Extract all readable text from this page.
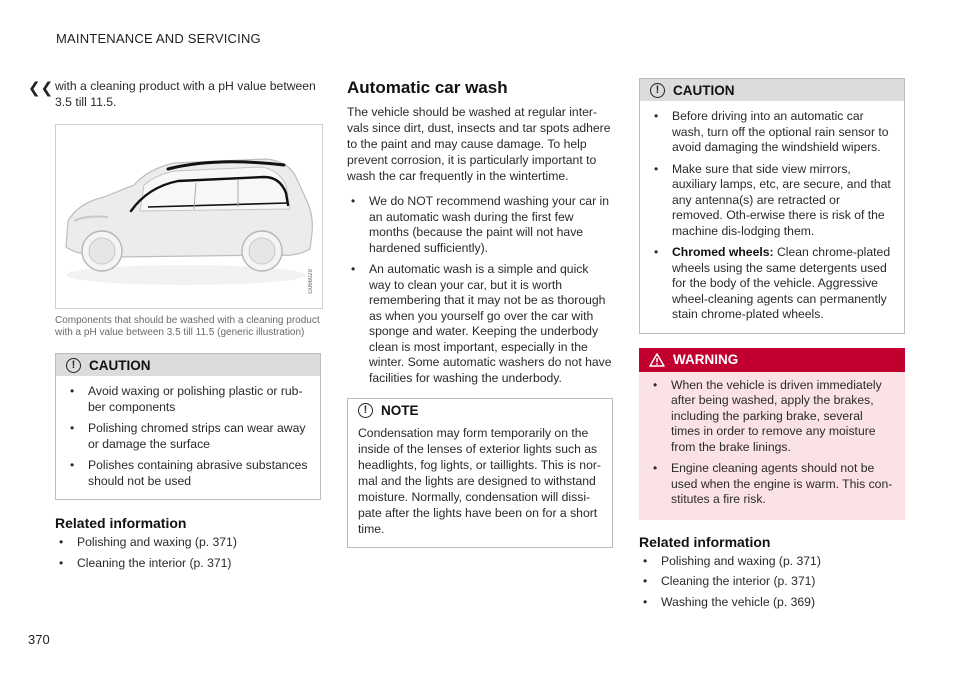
MAINTENANCE AND SERVICING
❮❮
370

with a cleaning product with a pH value between 3.5 till 11.5.

G066029
Components that should be washed with a cleaning product with a pH value between 3.5 till 11.5 (generic illustration)
!	CAUTION
• Avoid waxing or polishing plastic or rub-ber components
• Polishing chromed strips can wear away or damage the surface
• Polishes containing abrasive substances should not be used
Related information
• Polishing and waxing (p. 371)
• Cleaning the interior (p. 371)
Automatic car wash

The vehicle should be washed at regular inter-vals since dirt, dust, insects and tar spots adhere to the paint and may cause damage. To help prevent corrosion, it is particularly important to wash the car frequently in the wintertime.

• We do NOT recommend washing your car in an automatic wash during the first few months (because the paint will not have hardened sufficiently).
• An automatic wash is a simple and quick way to clean your car, but it is worth remembering that it may not be as thorough as when you yourself go over the car with sponge and water. Keeping the underbody clean is most important, especially in the winter. Some automatic washers do not have facilities for washing the underbody.
!	NOTE

Condensation may form temporarily on the inside of the lenses of exterior lights such as headlights, fog lights, or taillights. This is nor-mal and the lights are designed to withstand moisture. Normally, condensation will dissi-pate after the lights have been on for a short time.

!	CAUTION
• Before driving into an automatic car wash, turn off the optional rain sensor to avoid damaging the windshield wipers.
• Make sure that side view mirrors, auxiliary lamps, etc, are secure, and that any antenna(s) are retracted or removed. Oth-erwise there is risk of the machine dis-lodging them.
• Chromed wheels: Clean chrome-plated wheels using the same detergents used for the body of the vehicle. Aggressive wheel-cleaning agents can permanently stain chrome-plated wheels.
WARNING
• When the vehicle is driven immediately after being washed, apply the brakes, including the parking brake, several times in order to remove any moisture from the brake linings.
• Engine cleaning agents should not be used when the engine is warm. This con-stitutes a fire risk.
Related information
• Polishing and waxing (p. 371)
• Cleaning the interior (p. 371)
• Washing the vehicle (p. 369)
